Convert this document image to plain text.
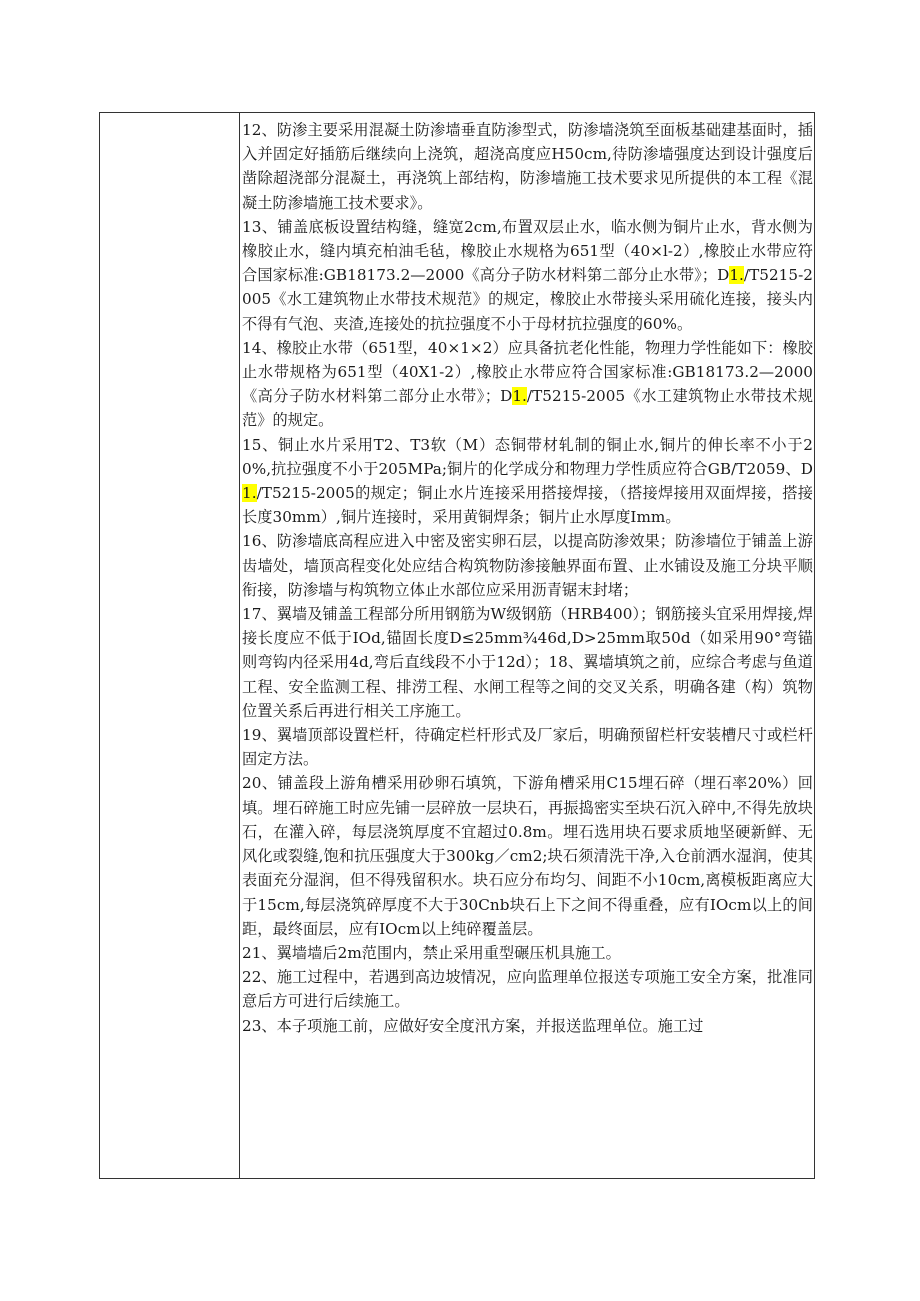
12、防渗主要采用混凝土防渗墙垂直防渗型式，防渗墙浇筑至面板基础建基面时，插入并固定好插筋后继续向上浇筑，超浇高度应H50cm,待防渗墙强度达到设计强度后凿除超浇部分混凝土，再浇筑上部结构，防渗墙施工技术要求见所提供的本工程《混凝土防渗墙施工技术要求》。

13、铺盖底板设置结构缝，缝宽2cm,布置双层止水，临水侧为铜片止水，背水侧为橡胶止水，缝内填充柏油毛毡，橡胶止水规格为651型（40×l-2）,橡胶止水带应符合国家标准:GB18173.2—2000《高分子防水材料第二部分止水带》；D1./T5215-2005《水工建筑物止水带技术规范》的规定，橡胶止水带接头采用硫化连接，接头内不得有气泡、夹渣,连接处的抗拉强度不小于母材抗拉强度的60%。

14、橡胶止水带（651型，40×1×2）应具备抗老化性能，物理力学性能如下：橡胶止水带规格为651型（40X1-2）,橡胶止水带应符合国家标准:GB18173.2—2000《高分子防水材料第二部分止水带》；D1./T5215-2005《水工建筑物止水带技术规范》的规定。

15、铜止水片采用T2、T3软（M）态铜带材轧制的铜止水,铜片的伸长率不小于20%,抗拉强度不小于205MPa;铜片的化学成分和物理力学性质应符合GB/T2059、D1./T5215-2005的规定；铜止水片连接采用搭接焊接，（搭接焊接用双面焊接，搭接长度30mm）,铜片连接时，采用黄铜焊条；铜片止水厚度Imm。

16、防渗墙底高程应进入中密及密实卵石层，以提高防渗效果；防渗墙位于铺盖上游齿墙处，墙顶高程变化处应结合构筑物防渗接触界面布置、止水铺设及施工分块平顺衔接，防渗墙与构筑物立体止水部位应采用沥青锯末封堵；

17、翼墙及铺盖工程部分所用钢筋为W级钢筋（HRB400）；钢筋接头宜采用焊接,焊接长度应不低于IOd,锚固长度D≤25mm¾46d,D>25mm取50d（如采用90°弯锚则弯钩内径采用4d,弯后直线段不小于12d）；18、翼墙填筑之前，应综合考虑与鱼道工程、安全监测工程、排涝工程、水闸工程等之间的交叉关系，明确各建（构）筑物位置关系后再进行相关工序施工。

19、翼墙顶部设置栏杆，待确定栏杆形式及厂家后，明确预留栏杆安装槽尺寸或栏杆固定方法。

20、铺盖段上游角槽采用砂卵石填筑，下游角槽采用C15埋石碎（埋石率20%）回填。埋石碎施工时应先铺一层碎放一层块石，再振捣密实至块石沉入碎中,不得先放块石，在灌入碎，每层浇筑厚度不宜超过0.8m。埋石选用块石要求质地坚硬新鲜、无风化或裂缝,饱和抗压强度大于300kg／cm2;块石须清洗干净,入仓前洒水湿润，使其表面充分湿润，但不得残留积水。块石应分布均匀、间距不小10cm,离模板距离应大于15cm,每层浇筑碎厚度不大于30Cnb块石上下之间不得重叠，应有IOcm以上的间距，最终面层，应有IOcm以上纯碎覆盖层。

21、翼墙墙后2m范围内，禁止采用重型碾压机具施工。

22、施工过程中，若遇到高边坡情况，应向监理单位报送专项施工安全方案，批准同意后方可进行后续施工。

23、本子项施工前，应做好安全度汛方案，并报送监理单位。施工过
